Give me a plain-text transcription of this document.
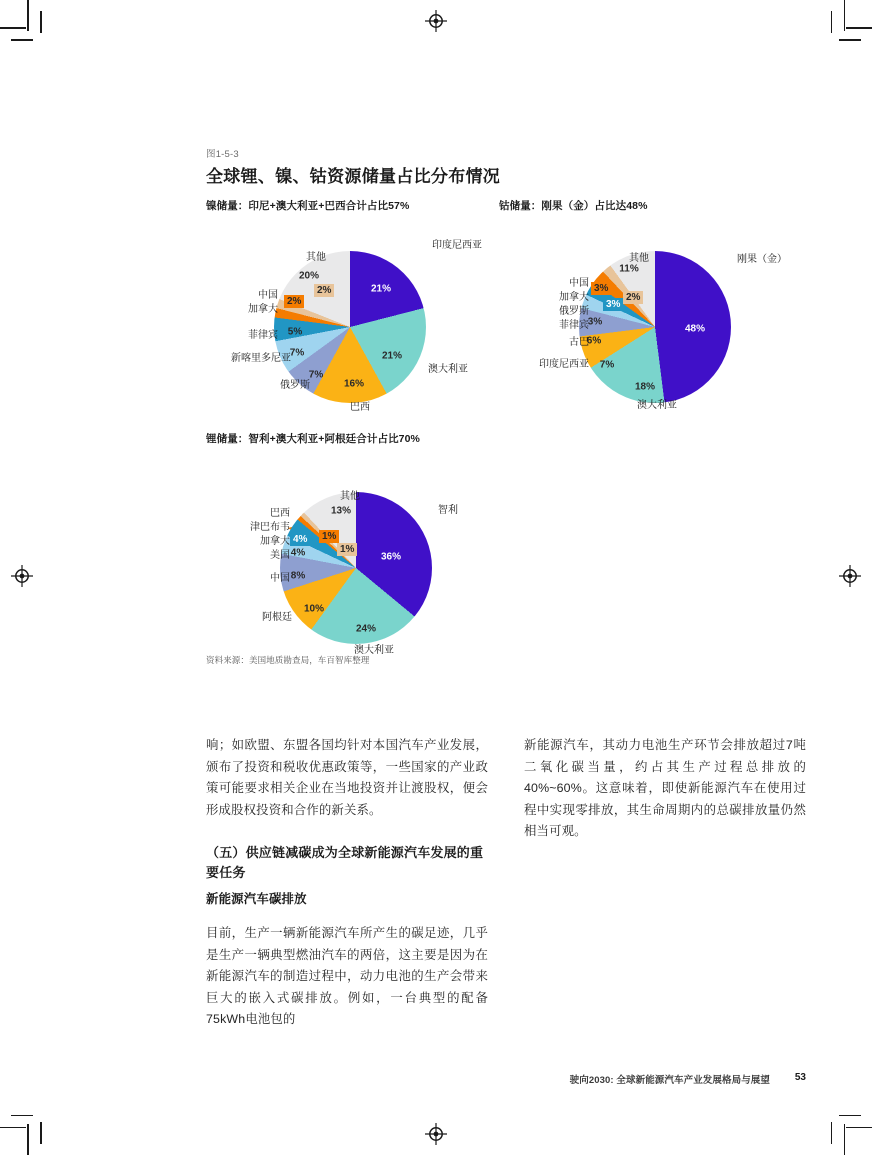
图1-5-3
全球锂、镍、钴资源储量占比分布情况
镍储量：印尼+澳大利亚+巴西合计占比57%
21%
21%
16%
7%
7%
5%
20%
2%
2%
印度尼西亚
澳大利亚
巴西
俄罗斯
新喀里多尼亚
菲律宾
加拿大
中国
其他
钴储量：刚果（金）占比达48%
48%
18%
7%
6%
3%
3%
3%
2%
11%
刚果（金）
澳大利亚
印度尼西亚
古巴
菲律宾
俄罗斯
加拿大
中国
其他
锂储量：智利+澳大利亚+阿根廷合计占比70%
36%
24%
10%
8%
4%
4%	1%
1%
13%	智利
澳大利亚
阿根廷
中国
美国
加拿大
津巴布韦
巴西
其他
资料来源：美国地质勘查局，车百智库整理
响；如欧盟、东盟各国均针对本国汽车产业发展，颁布了投资和税收优惠政策等，一些国家的产业政策可能要求相关企业在当地投资并让渡股权，便会形成股权投资和合作的新关系。
（五）供应链减碳成为全球新能源汽车发展的重要任务
新能源汽车碳排放
目前，生产一辆新能源汽车所产生的碳足迹，几乎是生产一辆典型燃油汽车的两倍，这主要是因为在新能源汽车的制造过程中，动力电池的生产会带来巨大的嵌入式碳排放。例如，一台典型的配备75kWh电池包的
新能源汽车，其动力电池生产环节会排放超过7吨二氧化碳当量，约占其生产过程总排放的40%~60%。这意味着，即使新能源汽车在使用过程中实现零排放，其生命周期内的总碳排放量仍然相当可观。
驶向2030: 全球新能源汽车产业发展格局与展望 53
